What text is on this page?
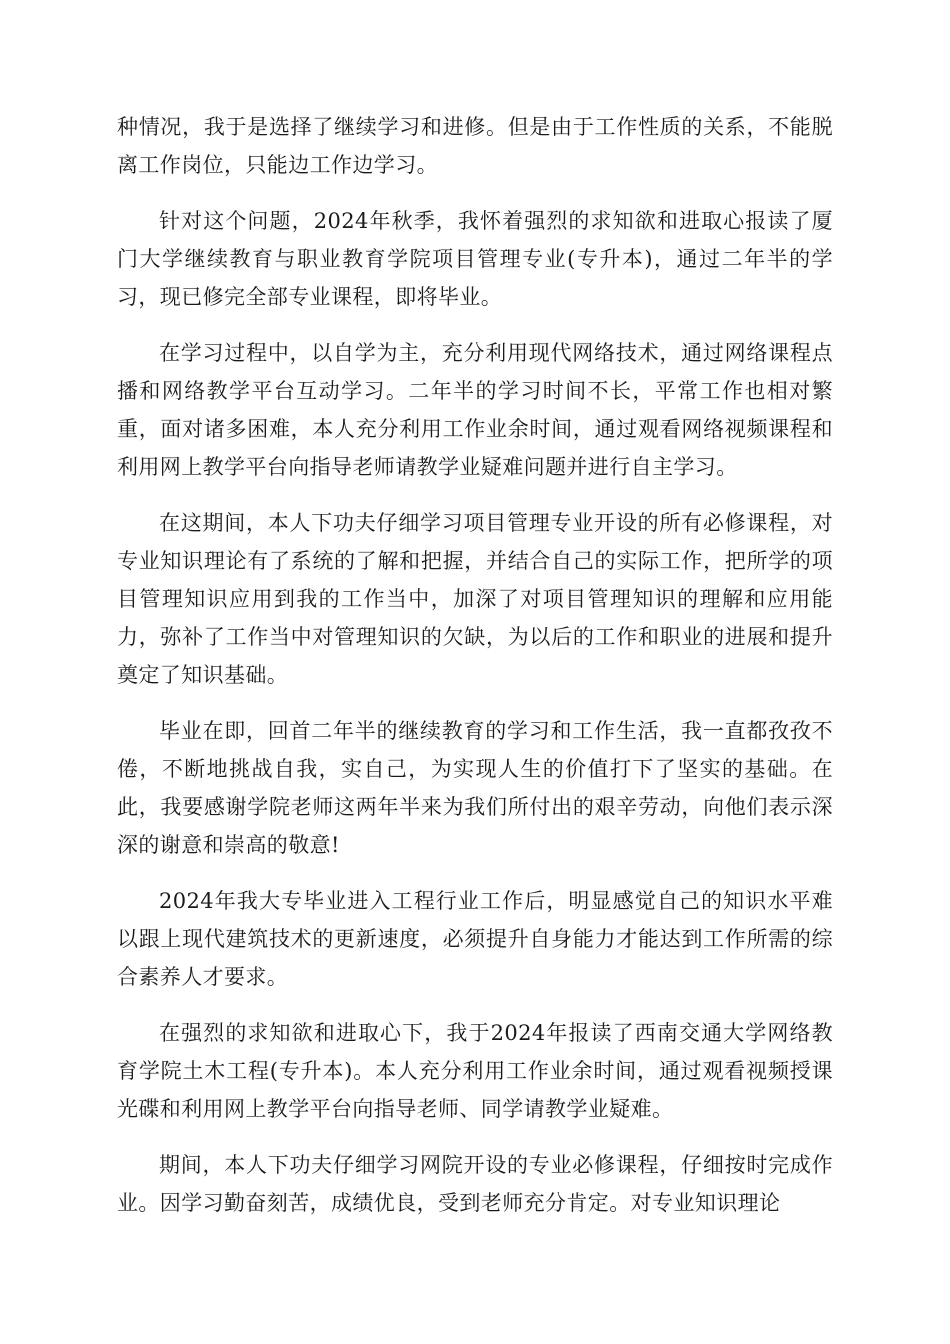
种情况，我于是选择了继续学习和进修。但是由于工作性质的关系，不能脱离工作岗位，只能边工作边学习。

针对这个问题，2024年秋季，我怀着强烈的求知欲和进取心报读了厦门大学继续教育与职业教育学院项目管理专业(专升本)，通过二年半的学习，现已修完全部专业课程，即将毕业。

在学习过程中，以自学为主，充分利用现代网络技术，通过网络课程点播和网络教学平台互动学习。二年半的学习时间不长，平常工作也相对繁重，面对诸多困难，本人充分利用工作业余时间，通过观看网络视频课程和利用网上教学平台向指导老师请教学业疑难问题并进行自主学习。

在这期间，本人下功夫仔细学习项目管理专业开设的所有必修课程，对专业知识理论有了系统的了解和把握，并结合自己的实际工作，把所学的项目管理知识应用到我的工作当中，加深了对项目管理知识的理解和应用能力，弥补了工作当中对管理知识的欠缺，为以后的工作和职业的进展和提升奠定了知识基础。

毕业在即，回首二年半的继续教育的学习和工作生活，我一直都孜孜不倦，不断地挑战自我，实自己，为实现人生的价值打下了坚实的基础。在此，我要感谢学院老师这两年半来为我们所付出的艰辛劳动，向他们表示深深的谢意和崇高的敬意!

2024年我大专毕业进入工程行业工作后，明显感觉自己的知识水平难以跟上现代建筑技术的更新速度，必须提升自身能力才能达到工作所需的综合素养人才要求。

在强烈的求知欲和进取心下，我于2024年报读了西南交通大学网络教育学院土木工程(专升本)。本人充分利用工作业余时间，通过观看视频授课光碟和利用网上教学平台向指导老师、同学请教学业疑难。

期间，本人下功夫仔细学习网院开设的专业必修课程，仔细按时完成作业。因学习勤奋刻苦，成绩优良，受到老师充分肯定。对专业知识理论
